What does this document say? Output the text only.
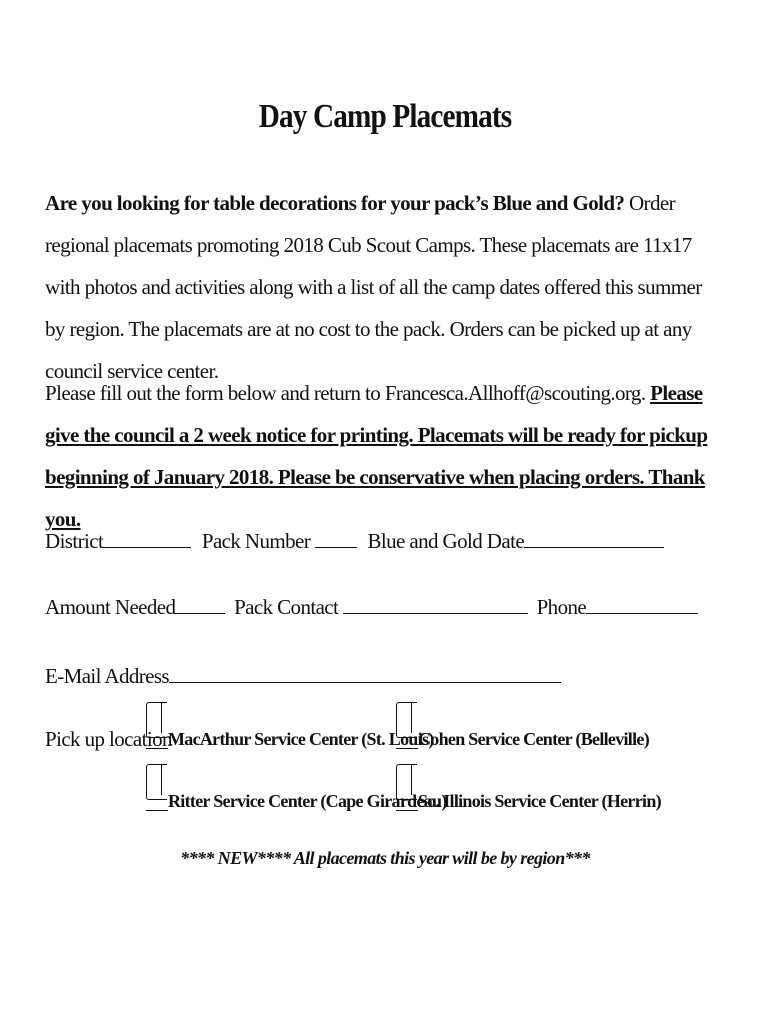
Day Camp Placemats
Are you looking for table decorations for your pack’s Blue and Gold? Order regional placemats promoting 2018 Cub Scout Camps. These placemats are 11x17 with photos and activities along with a list of all the camp dates offered this summer by region. The placemats are at no cost to the pack. Orders can be picked up at any council service center.
Please fill out the form below and return to Francesca.Allhoff@scouting.org. Please give the council a 2 week notice for printing. Placemats will be ready for pickup beginning of January 2018. Please be conservative when placing orders. Thank you.
District	Pack Number	Blue and Gold Date
Amount Needed	Pack Contact	Phone
E-Mail Address
Pick up location
MacArthur Service Center (St. Louis)
Cohen Service Center (Belleville)
Ritter Service Center (Cape Girardeau)
So. Illinois Service Center (Herrin)
**** NEW**** All placemats this year will be by region***
